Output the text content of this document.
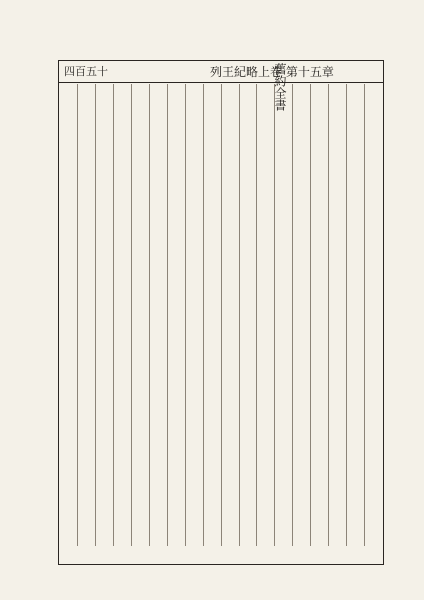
舊約全書
列王紀略上卷 第十五章
四百五十
